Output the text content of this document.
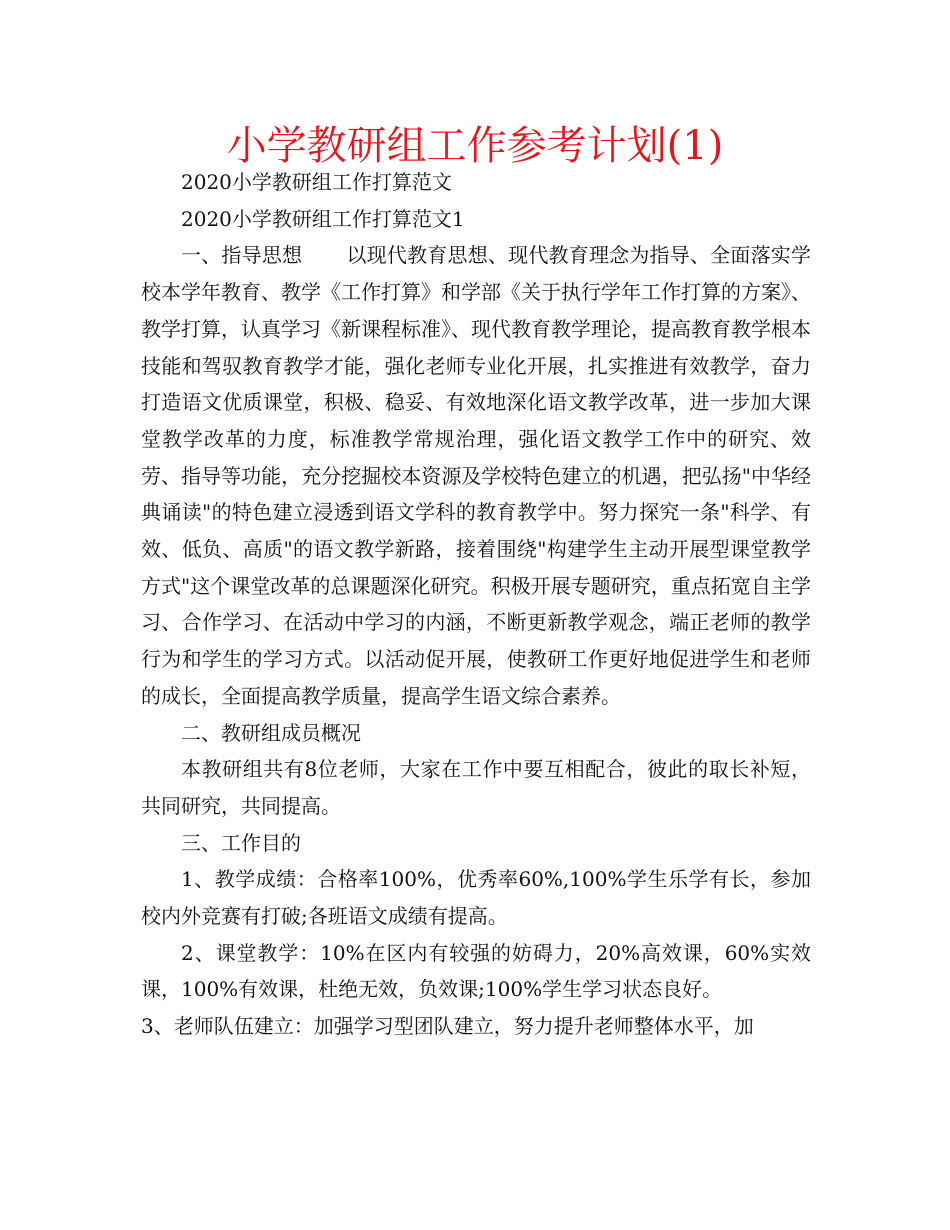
小学教研组工作参考计划(1)

2020小学教研组工作打算范文

2020小学教研组工作打算范文1

一、指导思想 以现代教育思想、现代教育理念为指导、全面落实学校本学年教育、教学《工作打算》和学部《关于执行学年工作打算的方案》、教学打算，认真学习《新课程标准》、现代教育教学理论，提高教育教学根本技能和驾驭教育教学才能，强化老师专业化开展，扎实推进有效教学，奋力打造语文优质课堂，积极、稳妥、有效地深化语文教学改革，进一步加大课堂教学改革的力度，标准教学常规治理，强化语文教学工作中的研究、效劳、指导等功能，充分挖掘校本资源及学校特色建立的机遇，把弘扬"中华经典诵读"的特色建立浸透到语文学科的教育教学中。努力探究一条"科学、有效、低负、高质"的语文教学新路，接着围绕"构建学生主动开展型课堂教学方式"这个课堂改革的总课题深化研究。积极开展专题研究，重点拓宽自主学习、合作学习、在活动中学习的内涵，不断更新教学观念，端正老师的教学行为和学生的学习方式。以活动促开展，使教研工作更好地促进学生和老师的成长，全面提高教学质量，提高学生语文综合素养。

二、教研组成员概况

本教研组共有8位老师，大家在工作中要互相配合，彼此的取长补短，共同研究，共同提高。

三、工作目的

1、教学成绩：合格率100%，优秀率60%,100%学生乐学有长，参加校内外竞赛有打破;各班语文成绩有提高。

2、课堂教学：10%在区内有较强的妨碍力，20%高效课，60%实效课，100%有效课，杜绝无效，负效课;100%学生学习状态良好。

3、老师队伍建立：加强学习型团队建立，努力提升老师整体水平，加
